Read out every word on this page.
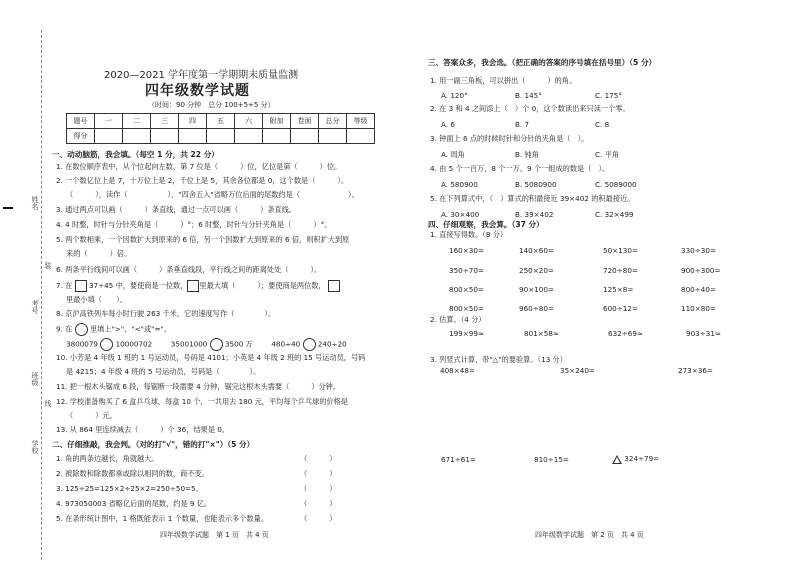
姓名
考号
班级
学校
装
线
2020—2021 学年度第一学期期末质量监测
四年级数学试题
（时间：90 分钟　总分 100+5+5 分）
题号	一	二	三	四	五	六	附加	卷面	总分	等级
得分										
一、动动脑筋，我会填。（每空 1 分，共 22 分）
1. 在数位顺序表中，从个位起向左数，第 7 位是（	）位，亿位是第（	）位。
2. 一个数亿位上是 7，十万位上是 2，千位上是 5，其余各位都是 0，这个数是（	）。
（	），读作（	），"四舍五入"省略万位后面的尾数约是（	）。
3. 通过两点可以画（	）条直线，通过一点可以画（	）条直线。
4. 4 时整，时针与分针夹角是（	）°；6 时整，时针与分针夹角是（	）°。
5. 两个数相乘，一个因数扩大到原来的 6 倍，另一个因数扩大到原来的 6 倍，则积扩大到原
来的（	）倍。
6. 两条平行线间可以画（	）条垂直线段，平行线之间的距离处处（	）。
7. 在 37÷45 中，要使商是一位数， 里最大填（	）；要使商是两位数，
里最小填（　　）。
8. 京沪高铁列车每小时行驶 263 千米，它的速度写作（	）。
9. 在 里填上">"、"<"或"="。
3800079 10000702	35001000 3500 万	480÷40 240÷20
10. 小芳是 4 年级 1 班的 1 号运动员，号码是 4101；小英是 4 年级 2 班的 15 号运动员，号码
是 4215；4 年级 4 班的 5 号运动员，号码是（	）。
11. 把一根木头锯成 6 段，每锯断一段需要 4 分钟，锯完这根木头需要（	）分钟。
12. 学校准备购买了 6 盒乒乓球，每盒 10 个，一共用去 180 元，平均每个乒乓球的价格是
（	）元。
13. 从 864 里连续减去（	）个 36，结果是 0。
二、仔细推敲，我会判。（对的打"√"，错的打"×"）（5 分）
1. 角的两条边越长，角就越大。	（	）
2. 被除数和除数都乘或除以相同的数，商不变。	（	）
3. 125÷25=125×2÷25×2=250÷50=5。	（	）
4. 973050003 省略亿后面的尾数，约是 9 亿。	（	）
5. 在条形统计图中，1 格既能表示 1 个数量，也能表示多个数量。	（	）
四年级数学试题　第 1 页　共 4 页
三、答案众多，我会选。（把正确的答案的序号填在括号里）（5 分）
1. 用一副三角板，可以拼出（	）的角。
A. 120°	B. 145°	C. 175°
2. 在 3 和 4 之间添上（　）个 0，这个数读出来只读一个零。
A. 6	B. 7	C. 8
3. 钟面上 6 点的时候时针和分针的夹角是（　）。
A. 周角	B. 钝角	C. 平角
4. 由 5 个一百万，8 个一万，9 个一组成的数是（　）。
A. 580900	B. 5080900	C. 5089000
5. 在下列算式中，（　）算式的积最接近 39×402 的积最接近。
A. 30×400	B. 39×402	C. 32×499
四、仔细观察，我会算。（37 分）
1. 直接写得数。（8 分）
160×30=	140×60=	50×130=	330÷30=
350÷70=	250×20=	720÷80=	900÷300=
800×50=	90×100=	125×8=	800÷40=
800×50=	960÷80=	600÷12=	110×80=
2. 估算。（4 分）
199×99≈	801×58≈	632÷69≈	903÷31≈
3. 列竖式计算，带"△"的要验算。（13 分）
408×48=	35×240=	273×36=
671÷61=	810÷15=	324÷79=
四年级数学试题　第 2 页　共 4 页
